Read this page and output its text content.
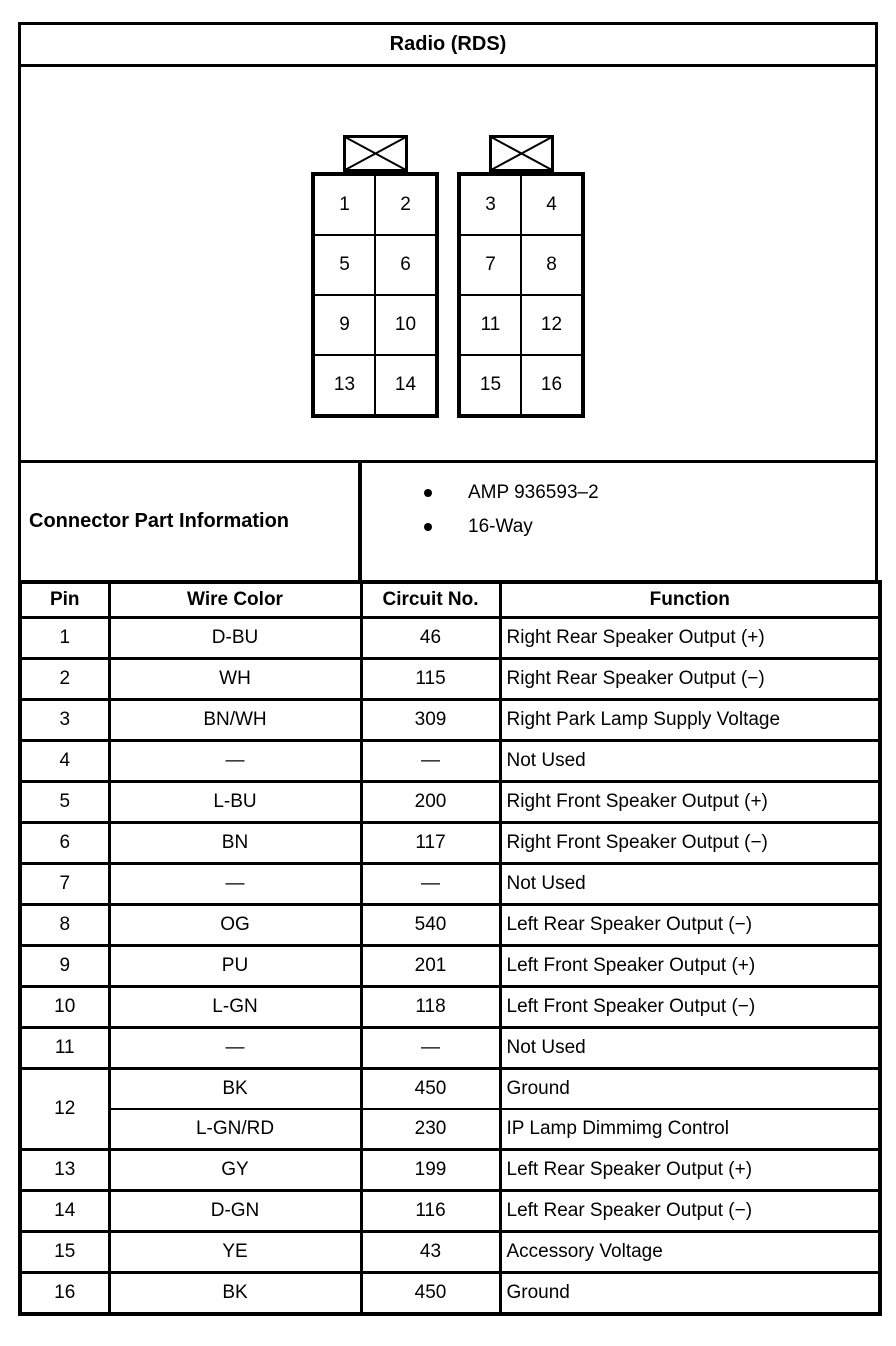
Radio (RDS)
1	2
5	6
9	10
13	14
3	4
7	8
11	12
15	16
Connector Part Information
AMP 936593–2
16-Way
Pin	Wire Color	Circuit No.	Function
1	D-BU	46	Right Rear Speaker Output (+)
2	WH	115	Right Rear Speaker Output (−)
3	BN/WH	309	Right Park Lamp Supply Voltage
4	—	—	Not Used
5	L-BU	200	Right Front Speaker Output (+)
6	BN	117	Right Front Speaker Output (−)
7	—	—	Not Used
8	OG	540	Left Rear Speaker Output (−)
9	PU	201	Left Front Speaker Output (+)
10	L-GN	118	Left Front Speaker Output (−)
11	—	—	Not Used
12	BK	450	Ground
	L-GN/RD	230	IP Lamp Dimmimg Control
13	GY	199	Left Rear Speaker Output (+)
14	D-GN	116	Left Rear Speaker Output (−)
15	YE	43	Accessory Voltage
16	BK	450	Ground
